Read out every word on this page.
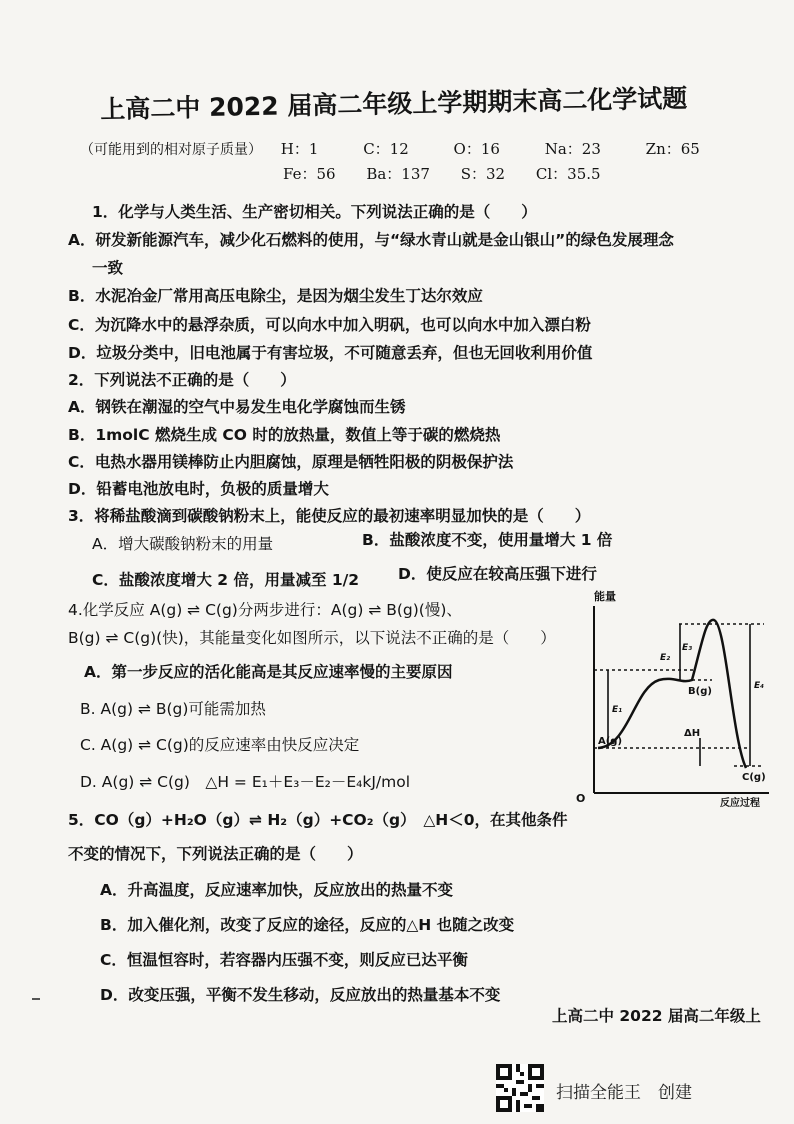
上高二中 2022 届高二年级上学期期末高二化学试题
（可能用到的相对原子质量） H：1	C：12	O：16	Na：23	Zn：65
Fe：56 Ba：137 S：32 Cl：35.5
1．化学与人类生活、生产密切相关。下列说法正确的是（　　）
A．研发新能源汽车，减少化石燃料的使用，与“绿水青山就是金山银山”的绿色发展理念
一致
B．水泥冶金厂常用高压电除尘，是因为烟尘发生丁达尔效应
C．为沉降水中的悬浮杂质，可以向水中加入明矾，也可以向水中加入漂白粉
D．垃圾分类中，旧电池属于有害垃圾，不可随意丢弃，但也无回收利用价值
2．下列说法不正确的是（　　）
A．钢铁在潮湿的空气中易发生电化学腐蚀而生锈
B．1molC 燃烧生成 CO 时的放热量，数值上等于碳的燃烧热
C．电热水器用镁棒防止内胆腐蚀，原理是牺牲阳极的阴极保护法
D．铅蓄电池放电时，负极的质量增大
3．将稀盐酸滴到碳酸钠粉末上，能使反应的最初速率明显加快的是（　　）
A．增大碳酸钠粉末的用量	B．盐酸浓度不变，使用量增大 1 倍
C．盐酸浓度增大 2 倍，用量减至 1/2	D．使反应在较高压强下进行
4.化学反应 A(g) ⇌ C(g)分两步进行：A(g) ⇌ B(g)(慢)、
B(g) ⇌ C(g)(快)，其能量变化如图所示，以下说法不正确的是（　　）
A．第一步反应的活化能高是其反应速率慢的主要原因
B. A(g) ⇌ B(g)可能需加热
C. A(g) ⇌ C(g)的反应速率由快反应决定
D. A(g) ⇌ C(g)　△H = E₁＋E₃－E₂－E₄kJ/mol
能量
O	反应过程
E₁
E₂
E₃
E₄
A(g)
B(g)
C(g)
ΔH
5．CO（g）+H₂O（g）⇌ H₂（g）+CO₂（g）　△H＜0，在其他条件
不变的情况下，下列说法正确的是（　　）
A．升高温度，反应速率加快，反应放出的热量不变
B．加入催化剂，改变了反应的途径，反应的△H 也随之改变
C．恒温恒容时，若容器内压强不变，则反应已达平衡
D．改变压强，平衡不发生移动，反应放出的热量基本不变
上高二中 2022 届高二年级上
扫描全能王　创建
